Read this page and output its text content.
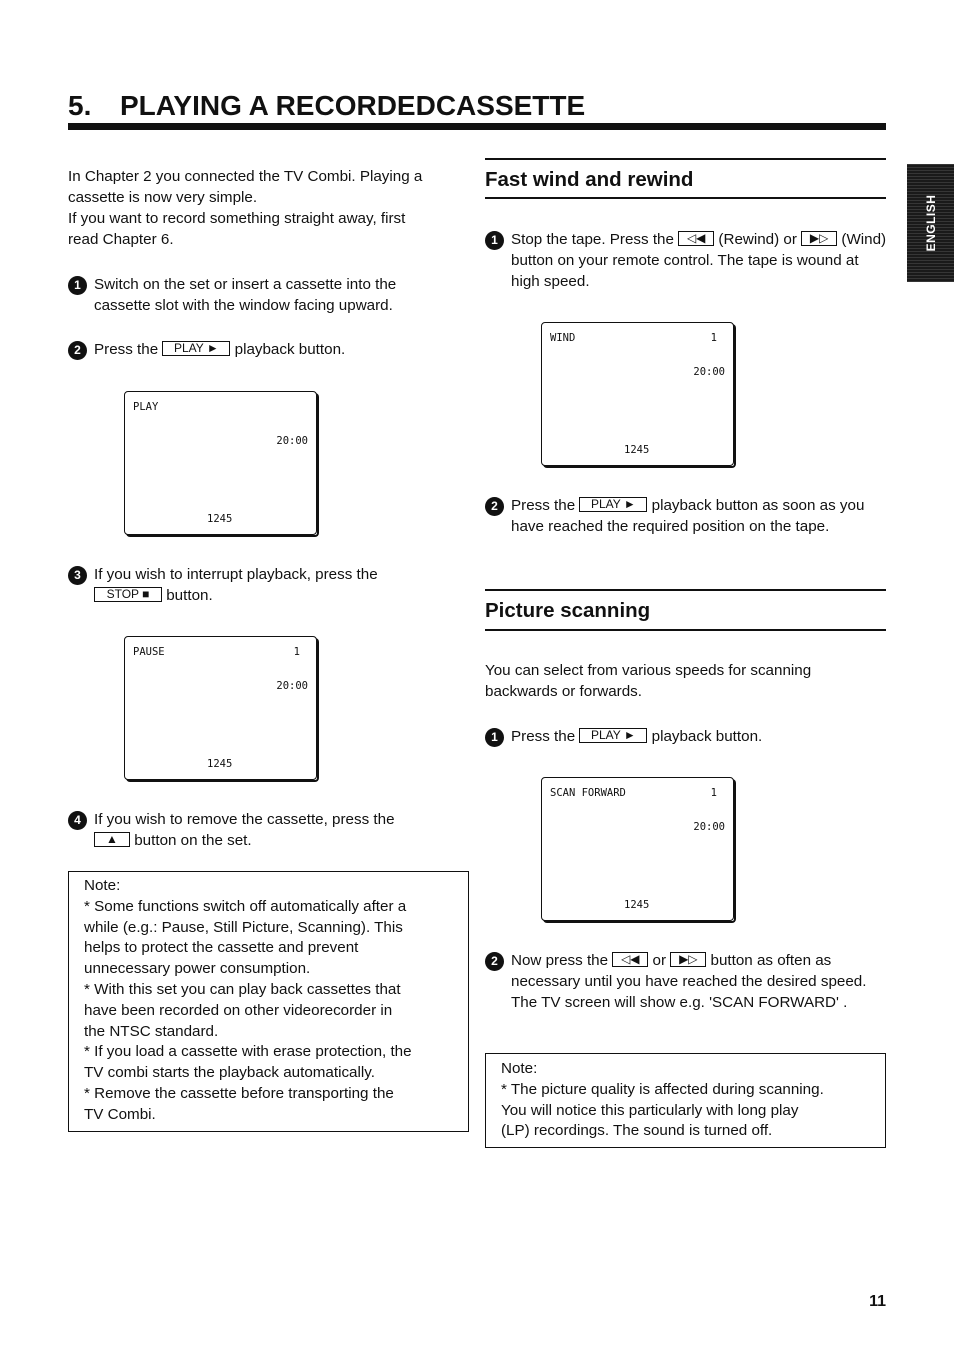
5. PLAYING A RECORDEDCASSETTE
ENGLISH
In Chapter 2 you connected the TV Combi. Playing a
cassette is now very simple.
If you want to record something straight away, first
read Chapter 6.
1 Switch on the set or insert a cassette into the cassette slot with the window facing upward.
2 Press the PLAY ► playback button.
PLAY
20:00
1245
3 If you wish to interrupt playback, press the
STOP ■ button.
PAUSE	1
20:00
1245
4 If you wish to remove the cassette, press the
▲ button on the set.
Note:
* Some functions switch off automatically after a
while (e.g.: Pause, Still Picture, Scanning). This
helps to protect the cassette and prevent
unnecessary power consumption.
* With this set you can play back cassettes that
have been recorded on other videorecorder in
the NTSC standard.
* If you load a cassette with erase protection, the
TV combi starts the playback automatically.
* Remove the cassette before transporting the
TV Combi.
Fast wind and rewind
1 Stop the tape. Press the ◁◀ (Rewind) or ▶▷ (Wind) button on your remote control. The tape is wound at high speed.
WIND	1
20:00
1245
2 Press the PLAY ► playback button as soon as you have reached the required position on the tape.
Picture scanning
You can select from various speeds for scanning
backwards or forwards.
1 Press the PLAY ► playback button.
SCAN FORWARD	1
20:00
1245
2 Now press the ◁◀ or ▶▷ button as often as necessary until you have reached the desired speed.
The TV screen will show e.g. 'SCAN FORWARD' .
Note:
* The picture quality is affected during scanning.
You will notice this particularly with long play
(LP) recordings. The sound is turned off.
11
